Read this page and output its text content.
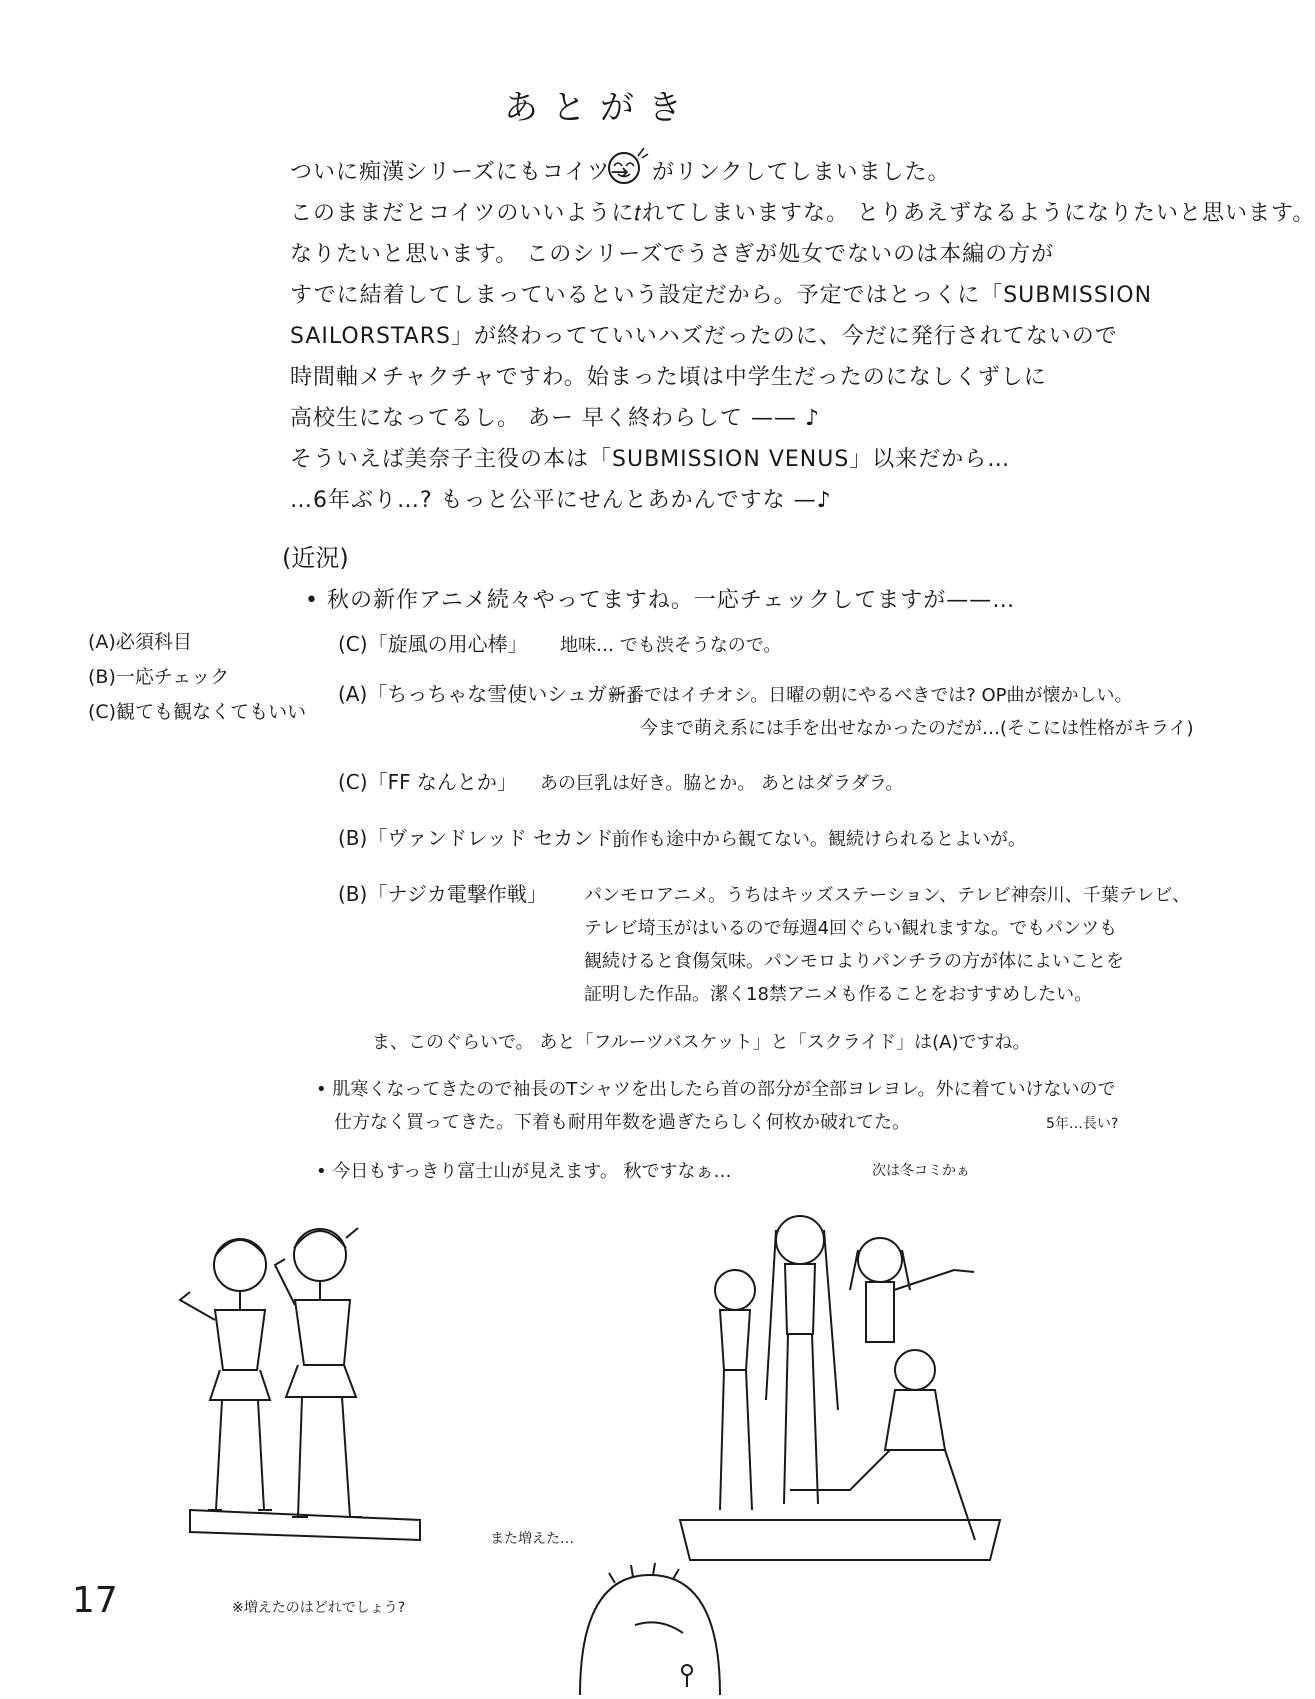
あとがき
ついに痴漢シリーズにもコイツ→ がリンクしてしまいました。
このままだとコイツのいいように𝑡れてしまいますな。 とりあえずなるようになりたいと思います。
なりたいと思います。 このシリーズでうさぎが処女でないのは本編の方が
すでに結着してしまっているという設定だから。予定ではとっくに「SUBMISSION
SAILORSTARS」が終わってていいハズだったのに、今だに発行されてないので
時間軸メチャクチャですわ。始まった頃は中学生だったのになしくずしに
高校生になってるし。 あー 早く終わらして —— ♪
そういえば美奈子主役の本は「SUBMISSION VENUS」以来だから…
…6年ぶり…? もっと公平にせんとあかんですな —♪
(近況)
• 秋の新作アニメ続々やってますね。一応チェックしてますが——…
(A)必須科目
(B)一応チェック
(C)観ても観なくてもいい
(C)「旋風の用心棒」 地味… でも渋そうなので。
(A)「ちっちゃな雪使いシュガー」
新番ではイチオシ。日曜の朝にやるべきでは? OP曲が懐かしい。
今まで萌え系には手を出せなかったのだが…(そこには性格がキライ)
(C)「FF なんとか」 あの巨乳は好き。脇とか。 あとはダラダラ。
(B)「ヴァンドレッド セカンド」
前作も途中から観てない。観続けられるとよいが。
(B)「ナジカ電撃作戦」 パンモロアニメ。うちはキッズステーション、テレビ神奈川、千葉テレビ、
テレビ埼玉がはいるので毎週4回ぐらい観れますな。でもパンツも
観続けると食傷気味。パンモロよりパンチラの方が体によいことを
証明した作品。潔く18禁アニメも作ることをおすすめしたい。
ま、このぐらいで。 あと「フルーツバスケット」と「スクライド」は(A)ですね。
• 肌寒くなってきたので袖長のTシャツを出したら首の部分が全部ヨレヨレ。外に着ていけないので
仕方なく買ってきた。下着も耐用年数を過ぎたらしく何枚か破れてた。	5年…長い?
• 今日もすっきり富士山が見えます。 秋ですなぁ…	次は冬コミかぁ
また増えた…
※増えたのはどれでしょう?
17
